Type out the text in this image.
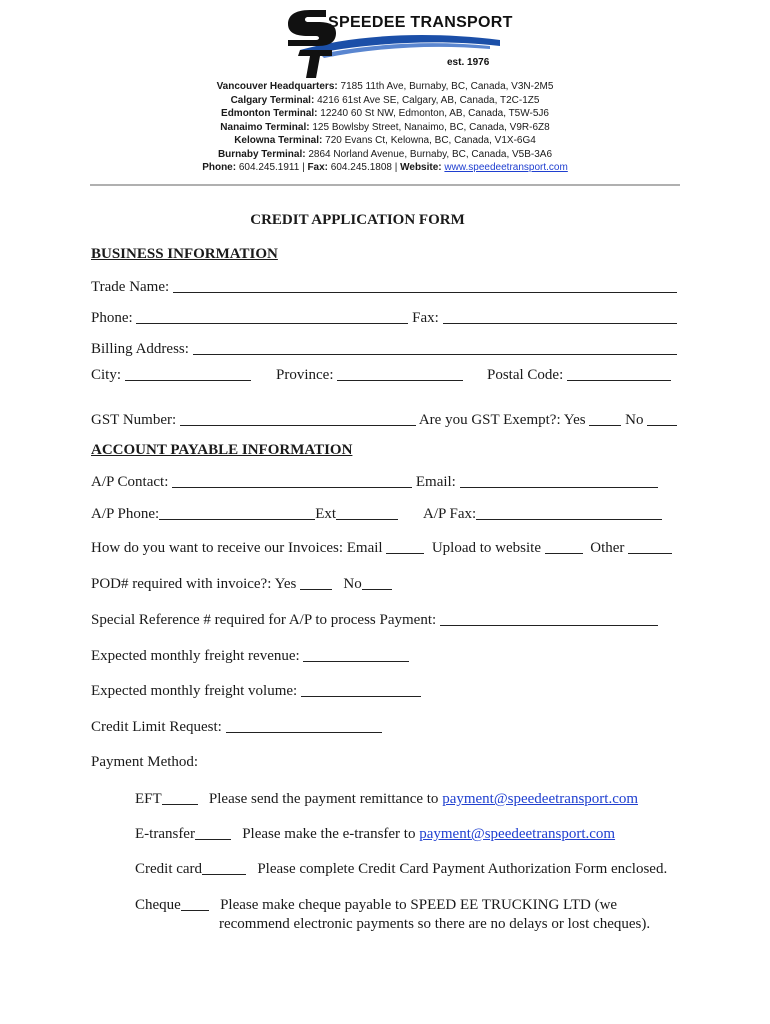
SPEEDEE TRANSPORT
est. 1976
Vancouver Headquarters: 7185 11th Ave, Burnaby, BC, Canada, V3N-2M5
Calgary Terminal: 4216 61st Ave SE, Calgary, AB, Canada, T2C-1Z5
Edmonton Terminal: 12240 60 St NW, Edmonton, AB, Canada, T5W-5J6
Nanaimo Terminal: 125 Bowlsby Street, Nanaimo, BC, Canada, V9R-6Z8
Kelowna Terminal: 720 Evans Ct, Kelowna, BC, Canada, V1X-6G4
Burnaby Terminal: 2864 Norland Avenue, Burnaby, BC, Canada, V5B-3A6
Phone: 604.245.1911 | Fax: 604.245.1808 | Website: www.speedeetransport.com
CREDIT APPLICATION FORM
BUSINESS INFORMATION
Trade Name:
Phone:	Fax:
Billing Address:
City:	Province:	Postal Code:
GST Number:	Are you GST Exempt?: Yes	No
ACCOUNT PAYABLE INFORMATION
A/P Contact:	Email:
A/P Phone:	Ext	A/P Fax:
How do you want to receive our Invoices: Email	Upload to website	Other
POD# required with invoice?: Yes	No
Special Reference # required for A/P to process Payment:
Expected monthly freight revenue:
Expected monthly freight volume:
Credit Limit Request:
Payment Method:
EFT	Please send the payment remittance to payment@speedeetransport.com
E-transfer	Please make the e-transfer to payment@speedeetransport.com
Credit card	Please complete Credit Card Payment Authorization Form enclosed.
Cheque	Please make cheque payable to SPEED EE TRUCKING LTD (we
recommend electronic payments so there are no delays or lost cheques).
